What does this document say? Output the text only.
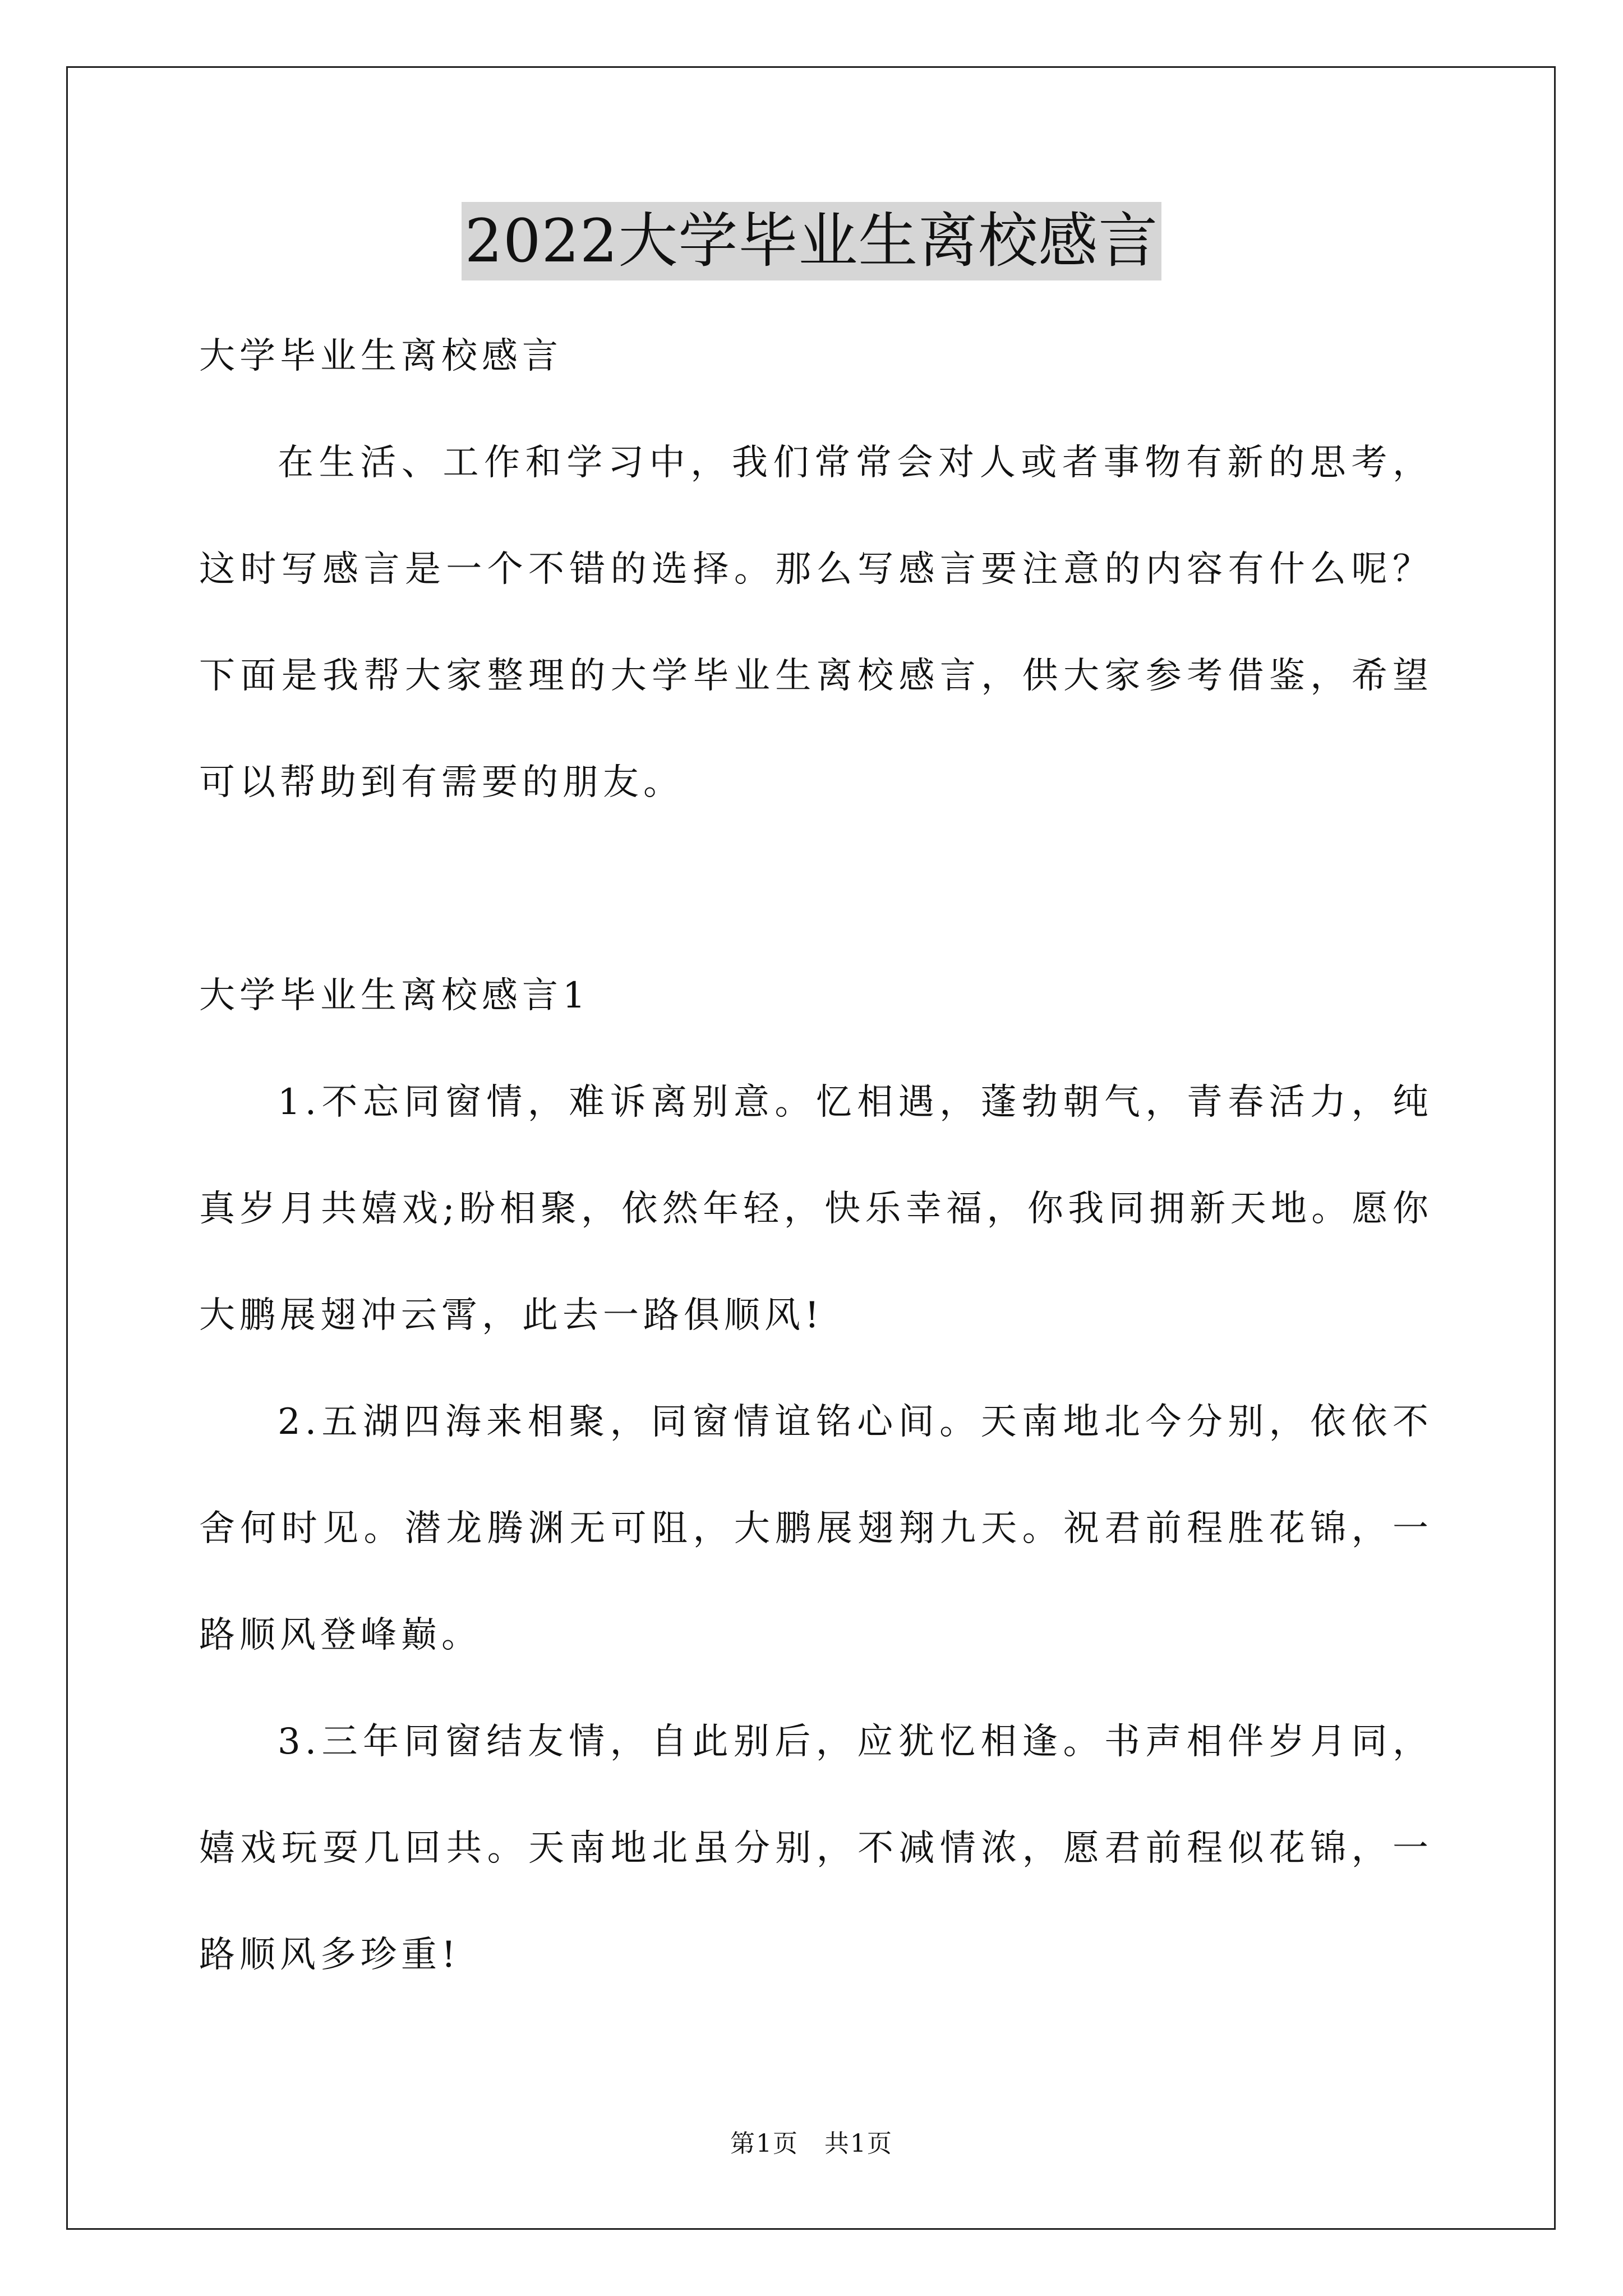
2022大学毕业生离校感言

大学毕业生离校感言

在生活、工作和学习中，我们常常会对人或者事物有新的思考，这时写感言是一个不错的选择。那么写感言要注意的内容有什么呢？下面是我帮大家整理的大学毕业生离校感言，供大家参考借鉴，希望可以帮助到有需要的朋友。

大学毕业生离校感言1

1.不忘同窗情，难诉离别意。忆相遇，蓬勃朝气，青春活力，纯真岁月共嬉戏;盼相聚，依然年轻，快乐幸福，你我同拥新天地。愿你大鹏展翅冲云霄，此去一路俱顺风!

2.五湖四海来相聚，同窗情谊铭心间。天南地北今分别，依依不舍何时见。潜龙腾渊无可阻，大鹏展翅翔九天。祝君前程胜花锦，一路顺风登峰巅。

3.三年同窗结友情，自此别后，应犹忆相逢。书声相伴岁月同，嬉戏玩耍几回共。天南地北虽分别，不减情浓，愿君前程似花锦，一路顺风多珍重!

第1页　共1页
